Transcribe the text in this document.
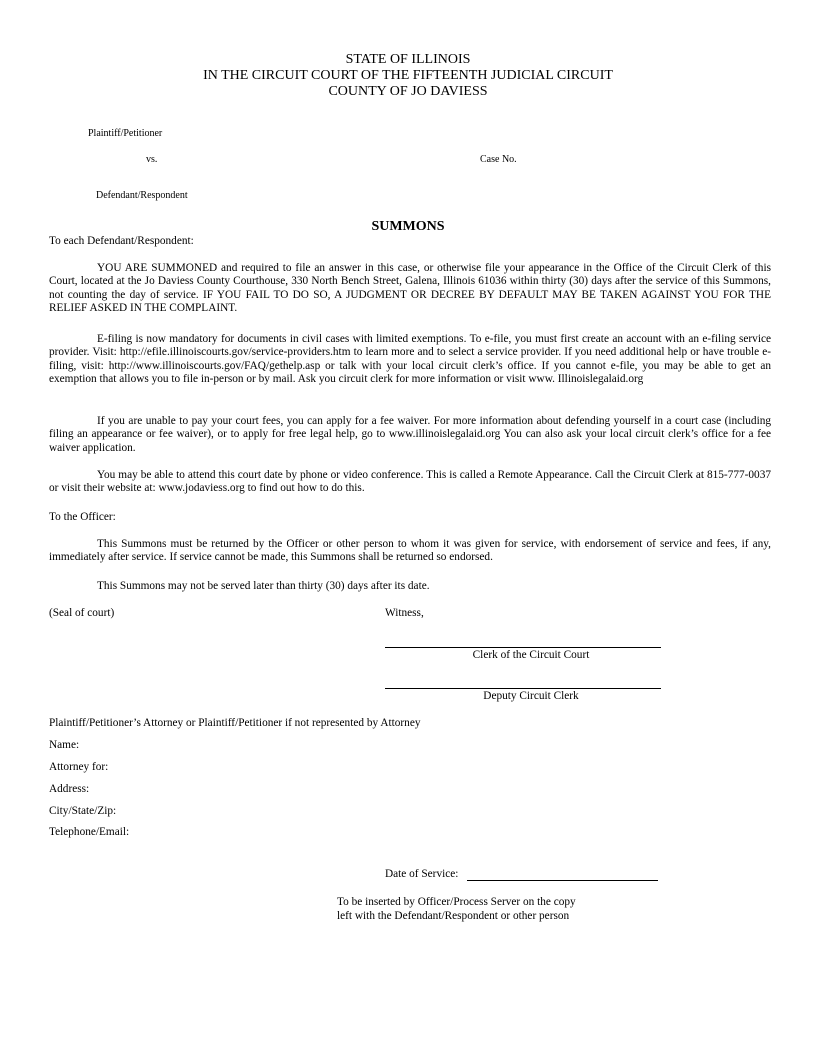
STATE OF ILLINOIS
IN THE CIRCUIT COURT OF THE FIFTEENTH JUDICIAL CIRCUIT
COUNTY OF JO DAVIESS
Plaintiff/Petitioner
vs.	Case No.
Defendant/Respondent
SUMMONS
To each Defendant/Respondent:
YOU ARE SUMMONED and required to file an answer in this case, or otherwise file your appearance in the Office of the Circuit Clerk of this Court, located at the Jo Daviess County Courthouse, 330 North Bench Street, Galena, Illinois 61036 within thirty (30) days after the service of this Summons, not counting the day of service. IF YOU FAIL TO DO SO, A JUDGMENT OR DECREE BY DEFAULT MAY BE TAKEN AGAINST YOU FOR THE RELIEF ASKED IN THE COMPLAINT.
E-filing is now mandatory for documents in civil cases with limited exemptions. To e-file, you must first create an account with an e-filing service provider. Visit: http://efile.illinoiscourts.gov/service-providers.htm to learn more and to select a service provider. If you need additional help or have trouble e-filing, visit: http://www.illinoiscourts.gov/FAQ/gethelp.asp or talk with your local circuit clerk’s office. If you cannot e-file, you may be able to get an exemption that allows you to file in-person or by mail. Ask you circuit clerk for more information or visit www. Illinoislegalaid.org
If you are unable to pay your court fees, you can apply for a fee waiver. For more information about defending yourself in a court case (including filing an appearance or fee waiver), or to apply for free legal help, go to www.illinoislegalaid.org You can also ask your local circuit clerk’s office for a fee waiver application.
You may be able to attend this court date by phone or video conference. This is called a Remote Appearance. Call the Circuit Clerk at 815-777-0037 or visit their website at: www.jodaviess.org to find out how to do this.
To the Officer:
This Summons must be returned by the Officer or other person to whom it was given for service, with endorsement of service and fees, if any, immediately after service. If service cannot be made, this Summons shall be returned so endorsed.
This Summons may not be served later than thirty (30) days after its date.
(Seal of court)	Witness,
Clerk of the Circuit Court
Deputy Circuit Clerk
Plaintiff/Petitioner’s Attorney or Plaintiff/Petitioner if not represented by Attorney
Name:
Attorney for:
Address:
City/State/Zip:
Telephone/Email:
Date of Service:
To be inserted by Officer/Process Server on the copy
left with the Defendant/Respondent or other person
